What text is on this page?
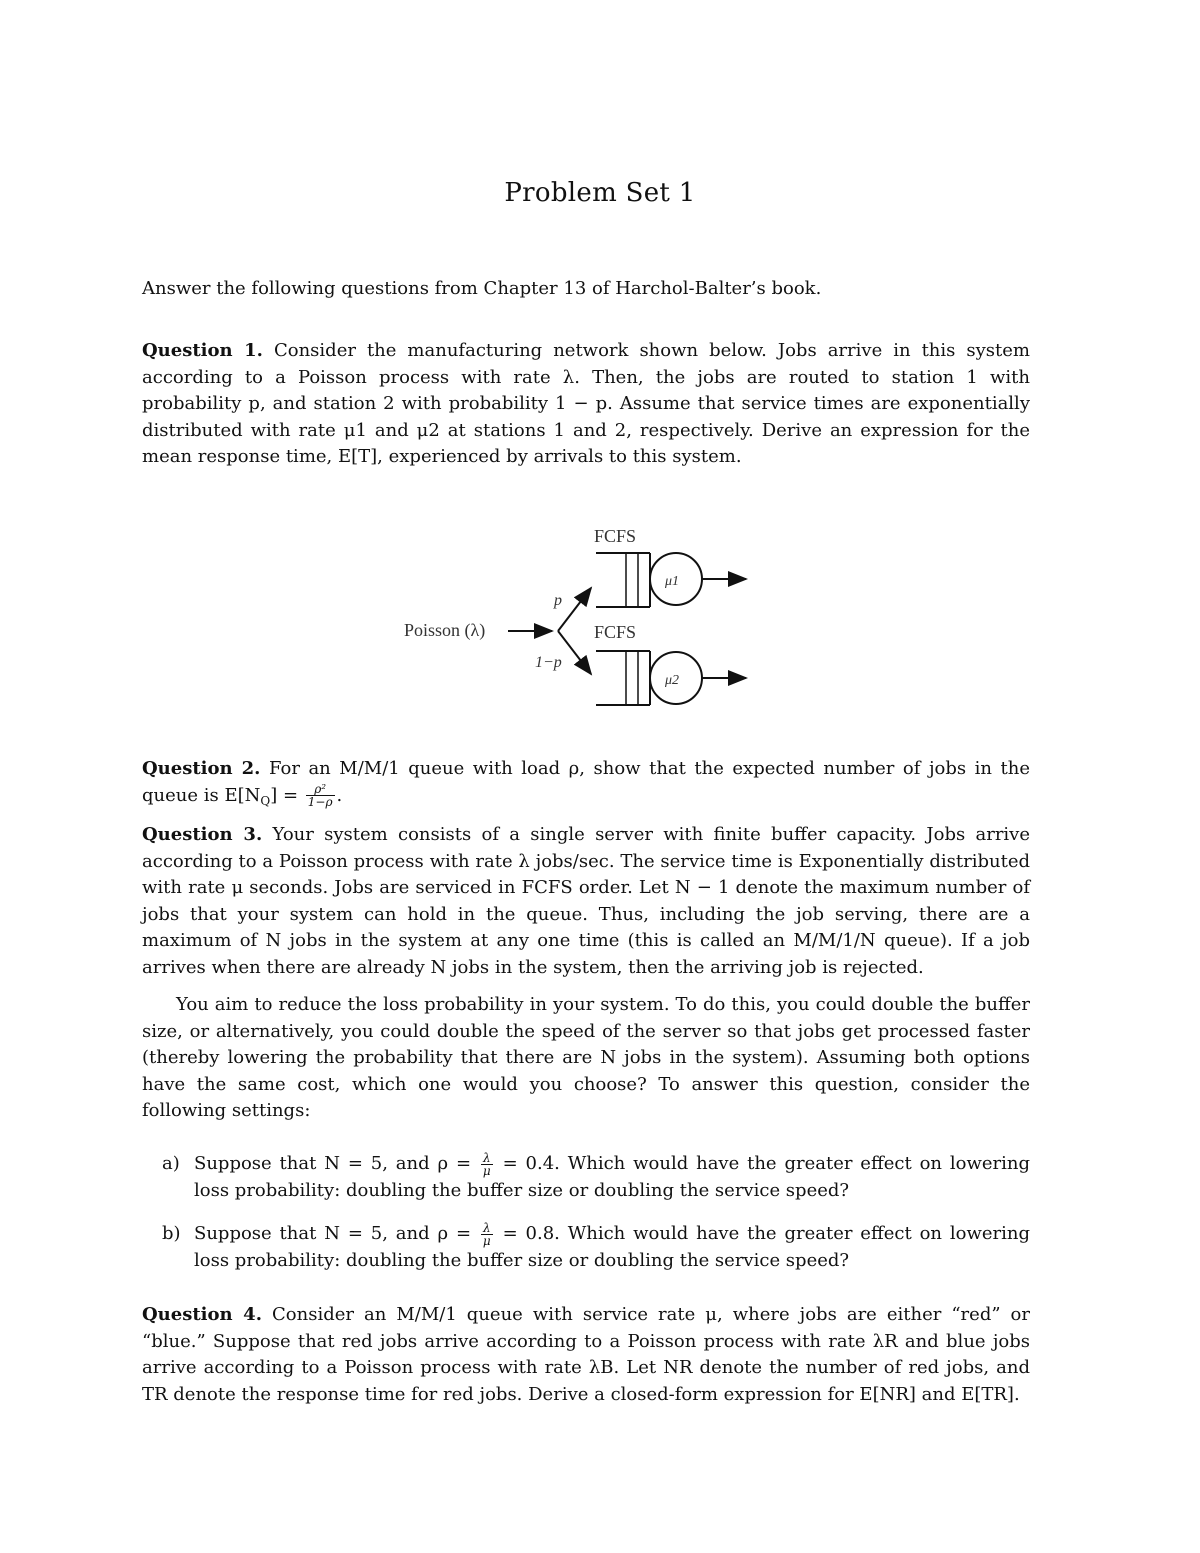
Problem Set 1
Answer the following questions from Chapter 13 of Harchol-Balter’s book.
Question 1. Consider the manufacturing network shown below. Jobs arrive in this system according to a Poisson process with rate λ. Then, the jobs are routed to station 1 with probability p, and station 2 with probability 1 − p. Assume that service times are exponentially distributed with rate μ1 and μ2 at stations 1 and 2, respectively. Derive an expression for the mean response time, E[T], experienced by arrivals to this system.
Poisson (λ)
p
1−p
FCFS
μ1
FCFS
μ2
Question 2. For an M/M/1 queue with load ρ, show that the expected number of jobs in the queue is $E[N_Q] = \frac{\text{ρ²}}{1-\rho}$ .
Question 3. Your system consists of a single server with finite buffer capacity. Jobs arrive according to a Poisson process with rate λ jobs/sec. The service time is Exponentially distributed with rate μ seconds. Jobs are serviced in FCFS order. Let N − 1 denote the maximum number of jobs that your system can hold in the queue. Thus, including the job serving, there are a maximum of N jobs in the system at any one time (this is called an M/M/1/N queue). If a job arrives when there are already N jobs in the system, then the arriving job is rejected.
You aim to reduce the loss probability in your system. To do this, you could double the buffer size, or alternatively, you could double the speed of the server so that jobs get processed faster (thereby lowering the probability that there are N jobs in the system). Assuming both options have the same cost, which one would you choose? To answer this question, consider the following settings:
a) Suppose that N = 5, and $\rho = \frac{\lambda}{\mu} = 0.4$. Which would have the greater effect on lowering loss probability: doubling the buffer size or doubling the service speed?
b) Suppose that N = 5, and $\rho = \frac{\lambda}{\mu} = 0.8$. Which would have the greater effect on lowering loss probability: doubling the buffer size or doubling the service speed?
Question 4. Consider an M/M/1 queue with service rate μ, where jobs are either “red” or “blue.” Suppose that red jobs arrive according to a Poisson process with rate λR and blue jobs arrive according to a Poisson process with rate λB. Let NR denote the number of red jobs, and TR denote the response time for red jobs. Derive a closed-form expression for E[NR] and E[TR].
